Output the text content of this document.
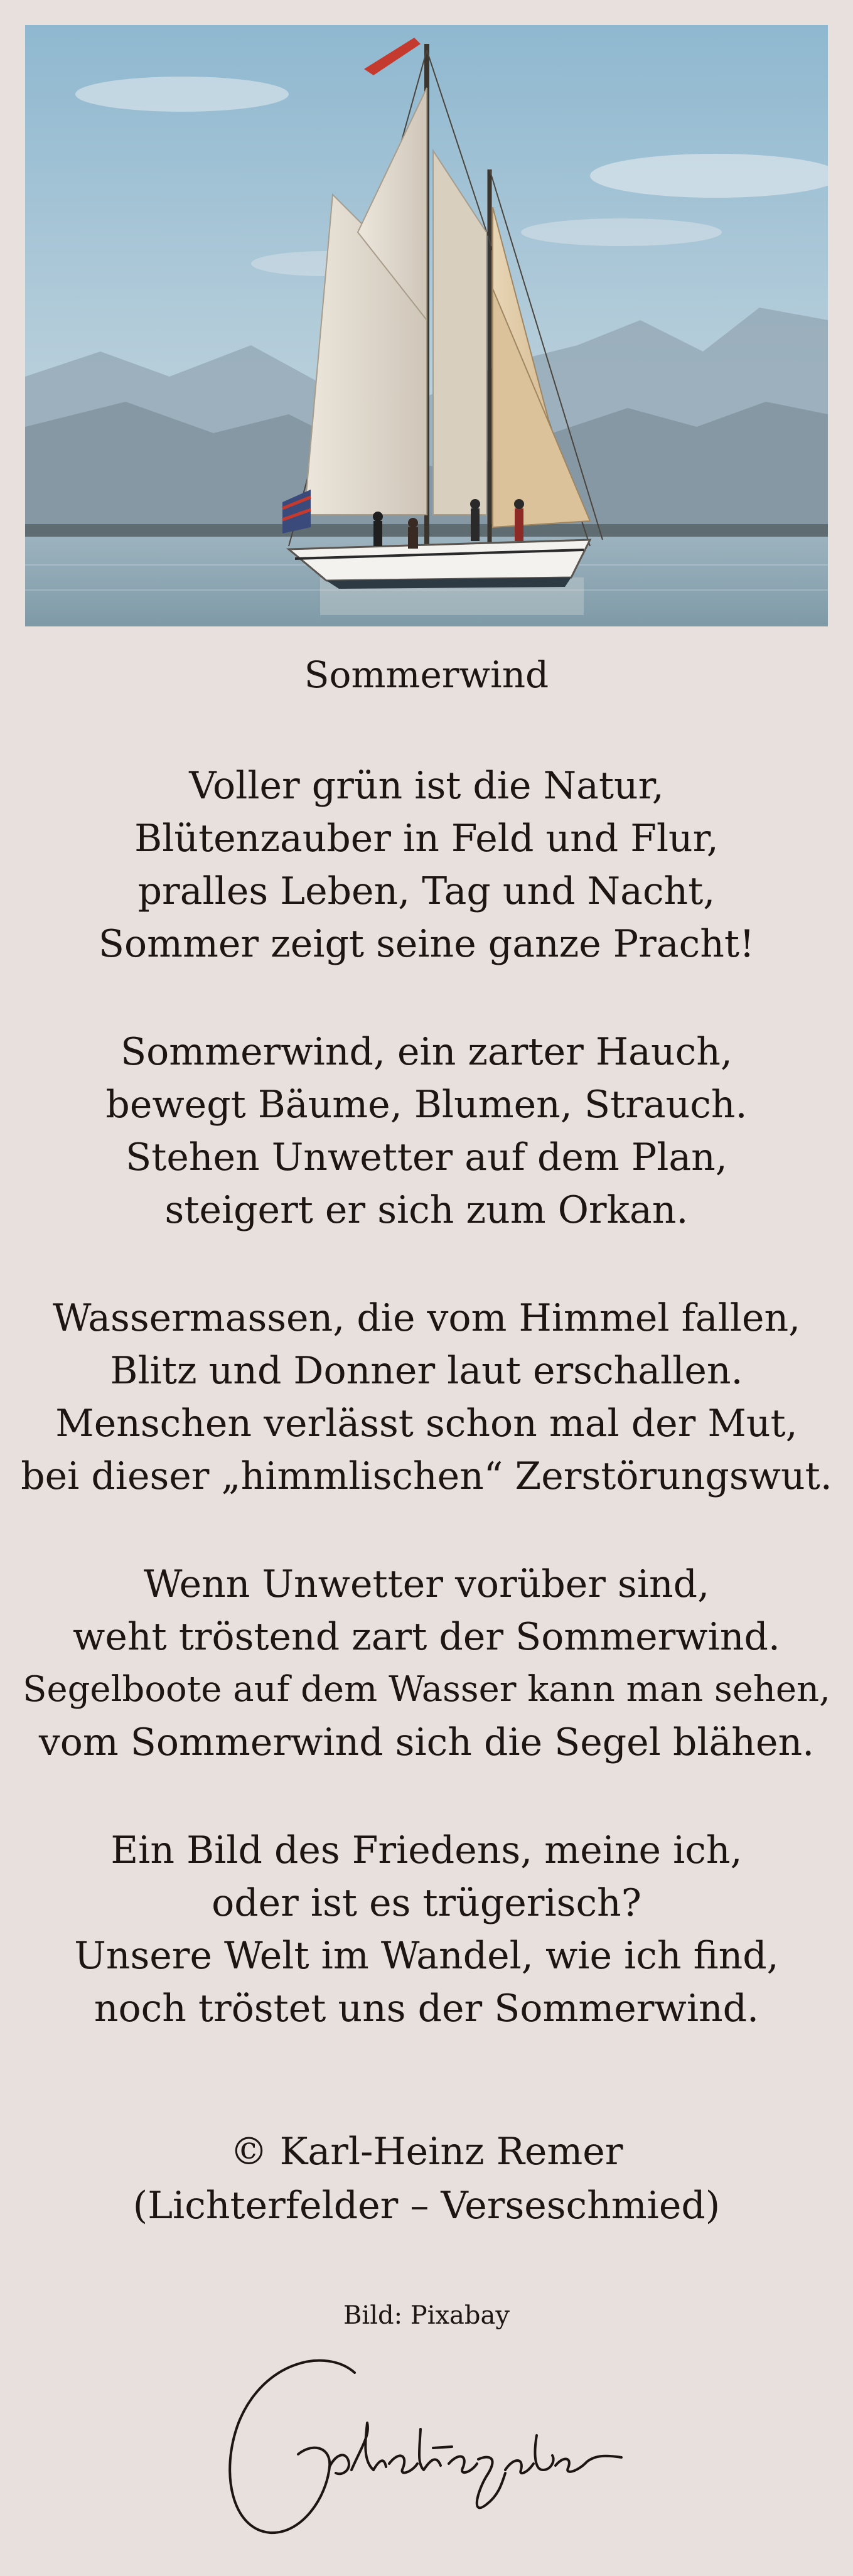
Sommerwind
Voller grün ist die Natur,
Blütenzauber in Feld und Flur,
pralles Leben, Tag und Nacht,
Sommer zeigt seine ganze Pracht!
Sommerwind, ein zarter Hauch,
bewegt Bäume, Blumen, Strauch.
Stehen Unwetter auf dem Plan,
steigert er sich zum Orkan.
Wassermassen, die vom Himmel fallen,
Blitz und Donner laut erschallen.
Menschen verlässt schon mal der Mut,
bei dieser „himmlischen“ Zerstörungswut.
Wenn Unwetter vorüber sind,
weht tröstend zart der Sommerwind.
Segelboote auf dem Wasser kann man sehen,
vom Sommerwind sich die Segel blähen.
Ein Bild des Friedens, meine ich,
oder ist es trügerisch?
Unsere Welt im Wandel, wie ich find,
noch tröstet uns der Sommerwind.
© Karl-Heinz Remer
(Lichterfelder – Verseschmied)
Bild: Pixabay
